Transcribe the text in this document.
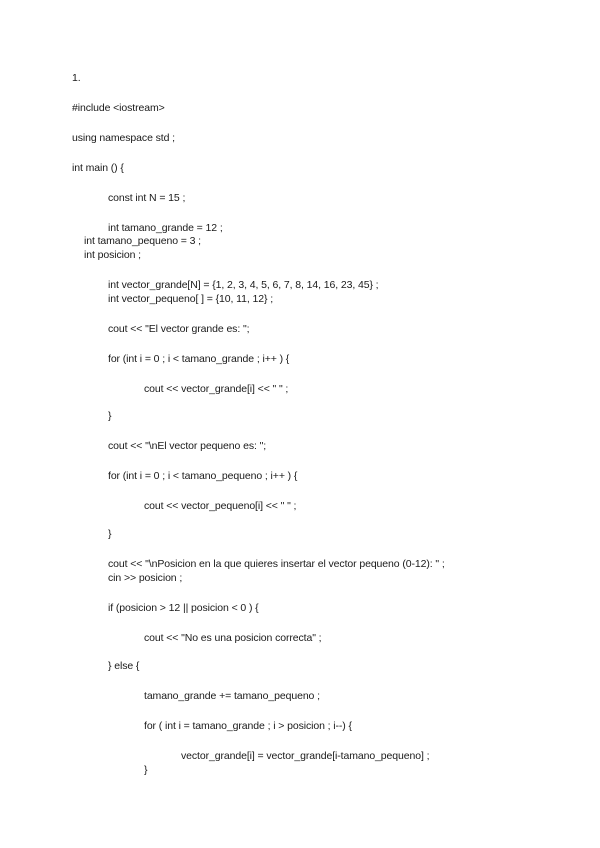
1.
#include <iostream>
using namespace std ;
int main () {
const int N = 15 ;
int tamano_grande = 12 ;
int tamano_pequeno = 3 ;
int posicion ;
int vector_grande[N] = {1, 2, 3, 4, 5, 6, 7, 8, 14, 16, 23, 45} ;
int vector_pequeno[ ] = {10, 11, 12} ;
cout << "El vector grande es: ";
for (int i = 0 ; i < tamano_grande ; i++ ) {
cout << vector_grande[i] << " " ;
}
cout << "\nEl vector pequeno es: ";
for (int i = 0 ; i < tamano_pequeno ; i++ ) {
cout << vector_pequeno[i] << " " ;
}
cout << "\nPosicion en la que quieres insertar el vector pequeno (0-12): " ;
cin >> posicion ;
if (posicion > 12 || posicion < 0 ) {
cout << "No es una posicion correcta" ;
} else {
tamano_grande += tamano_pequeno ;
for ( int i = tamano_grande ; i > posicion ; i--) {
vector_grande[i] = vector_grande[i-tamano_pequeno] ;
}
